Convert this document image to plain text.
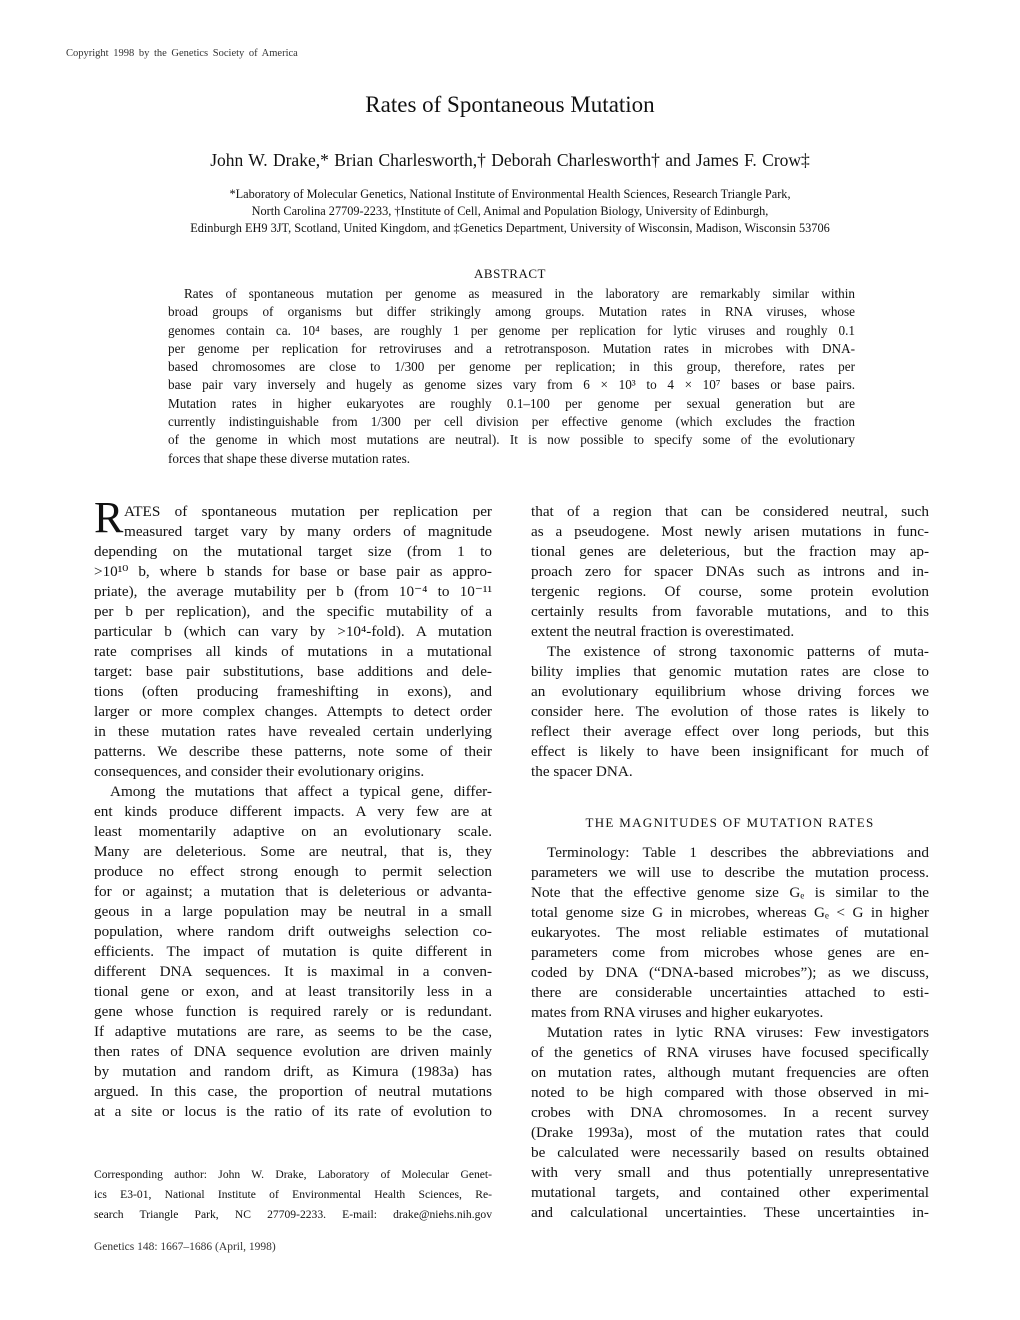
Copyright 1998 by the Genetics Society of America
Rates of Spontaneous Mutation
John W. Drake,* Brian Charlesworth,† Deborah Charlesworth† and James F. Crow‡
*Laboratory of Molecular Genetics, National Institute of Environmental Health Sciences, Research Triangle Park,
North Carolina 27709-2233, †Institute of Cell, Animal and Population Biology, University of Edinburgh,
Edinburgh EH9 3JT, Scotland, United Kingdom, and ‡Genetics Department, University of Wisconsin, Madison, Wisconsin 53706
ABSTRACT
Rates of spontaneous mutation per genome as measured in the laboratory are remarkably similar within
broad groups of organisms but differ strikingly among groups. Mutation rates in RNA viruses, whose
genomes contain ca. 10⁴ bases, are roughly 1 per genome per replication for lytic viruses and roughly 0.1
per genome per replication for retroviruses and a retrotransposon. Mutation rates in microbes with DNA-
based chromosomes are close to 1/300 per genome per replication; in this group, therefore, rates per
base pair vary inversely and hugely as genome sizes vary from 6 × 10³ to 4 × 10⁷ bases or base pairs.
Mutation rates in higher eukaryotes are roughly 0.1–100 per genome per sexual generation but are
currently indistinguishable from 1/300 per cell division per effective genome (which excludes the fraction
of the genome in which most mutations are neutral). It is now possible to specify some of the evolutionary
forces that shape these diverse mutation rates.
R ATES of spontaneous mutation per replication per
measured target vary by many orders of magnitude
depending on the mutational target size (from 1 to
>10¹⁰ b, where b stands for base or base pair as appro-
priate), the average mutability per b (from 10⁻⁴ to 10⁻¹¹
per b per replication), and the specific mutability of a
particular b (which can vary by >10⁴-fold). A mutation
rate comprises all kinds of mutations in a mutational
target: base pair substitutions, base additions and dele-
tions (often producing frameshifting in exons), and
larger or more complex changes. Attempts to detect order
in these mutation rates have revealed certain underlying
patterns. We describe these patterns, note some of their
consequences, and consider their evolutionary origins.
Among the mutations that affect a typical gene, differ-
ent kinds produce different impacts. A very few are at
least momentarily adaptive on an evolutionary scale.
Many are deleterious. Some are neutral, that is, they
produce no effect strong enough to permit selection
for or against; a mutation that is deleterious or advanta-
geous in a large population may be neutral in a small
population, where random drift outweighs selection co-
efficients. The impact of mutation is quite different in
different DNA sequences. It is maximal in a conven-
tional gene or exon, and at least transitorily less in a
gene whose function is required rarely or is redundant.
If adaptive mutations are rare, as seems to be the case,
then rates of DNA sequence evolution are driven mainly
by mutation and random drift, as Kimura (1983a) has
argued. In this case, the proportion of neutral mutations
at a site or locus is the ratio of its rate of evolution to
that of a region that can be considered neutral, such
as a pseudogene. Most newly arisen mutations in func-
tional genes are deleterious, but the fraction may ap-
proach zero for spacer DNAs such as introns and in-
tergenic regions. Of course, some protein evolution
certainly results from favorable mutations, and to this
extent the neutral fraction is overestimated.
The existence of strong taxonomic patterns of muta-
bility implies that genomic mutation rates are close to
an evolutionary equilibrium whose driving forces we
consider here. The evolution of those rates is likely to
reflect their average effect over long periods, but this
effect is likely to have been insignificant for much of
the spacer DNA.
THE MAGNITUDES OF MUTATION RATES
Terminology: Table 1 describes the abbreviations and
parameters we will use to describe the mutation process.
Note that the effective genome size Gₑ is similar to the
total genome size G in microbes, whereas Gₑ < G in higher
eukaryotes. The most reliable estimates of mutational
parameters come from microbes whose genes are en-
coded by DNA (“DNA-based microbes”); as we discuss,
there are considerable uncertainties attached to esti-
mates from RNA viruses and higher eukaryotes.
Mutation rates in lytic RNA viruses: Few investigators
of the genetics of RNA viruses have focused specifically
on mutation rates, although mutant frequencies are often
noted to be high compared with those observed in mi-
crobes with DNA chromosomes. In a recent survey
(Drake 1993a), most of the mutation rates that could
be calculated were necessarily based on results obtained
with very small and thus potentially unrepresentative
mutational targets, and contained other experimental
and calculational uncertainties. These uncertainties in-
Corresponding author: John W. Drake, Laboratory of Molecular Genet-
ics E3-01, National Institute of Environmental Health Sciences, Re-
search Triangle Park, NC 27709-2233. E-mail: drake@niehs.nih.gov
Genetics 148: 1667–1686 (April, 1998)
